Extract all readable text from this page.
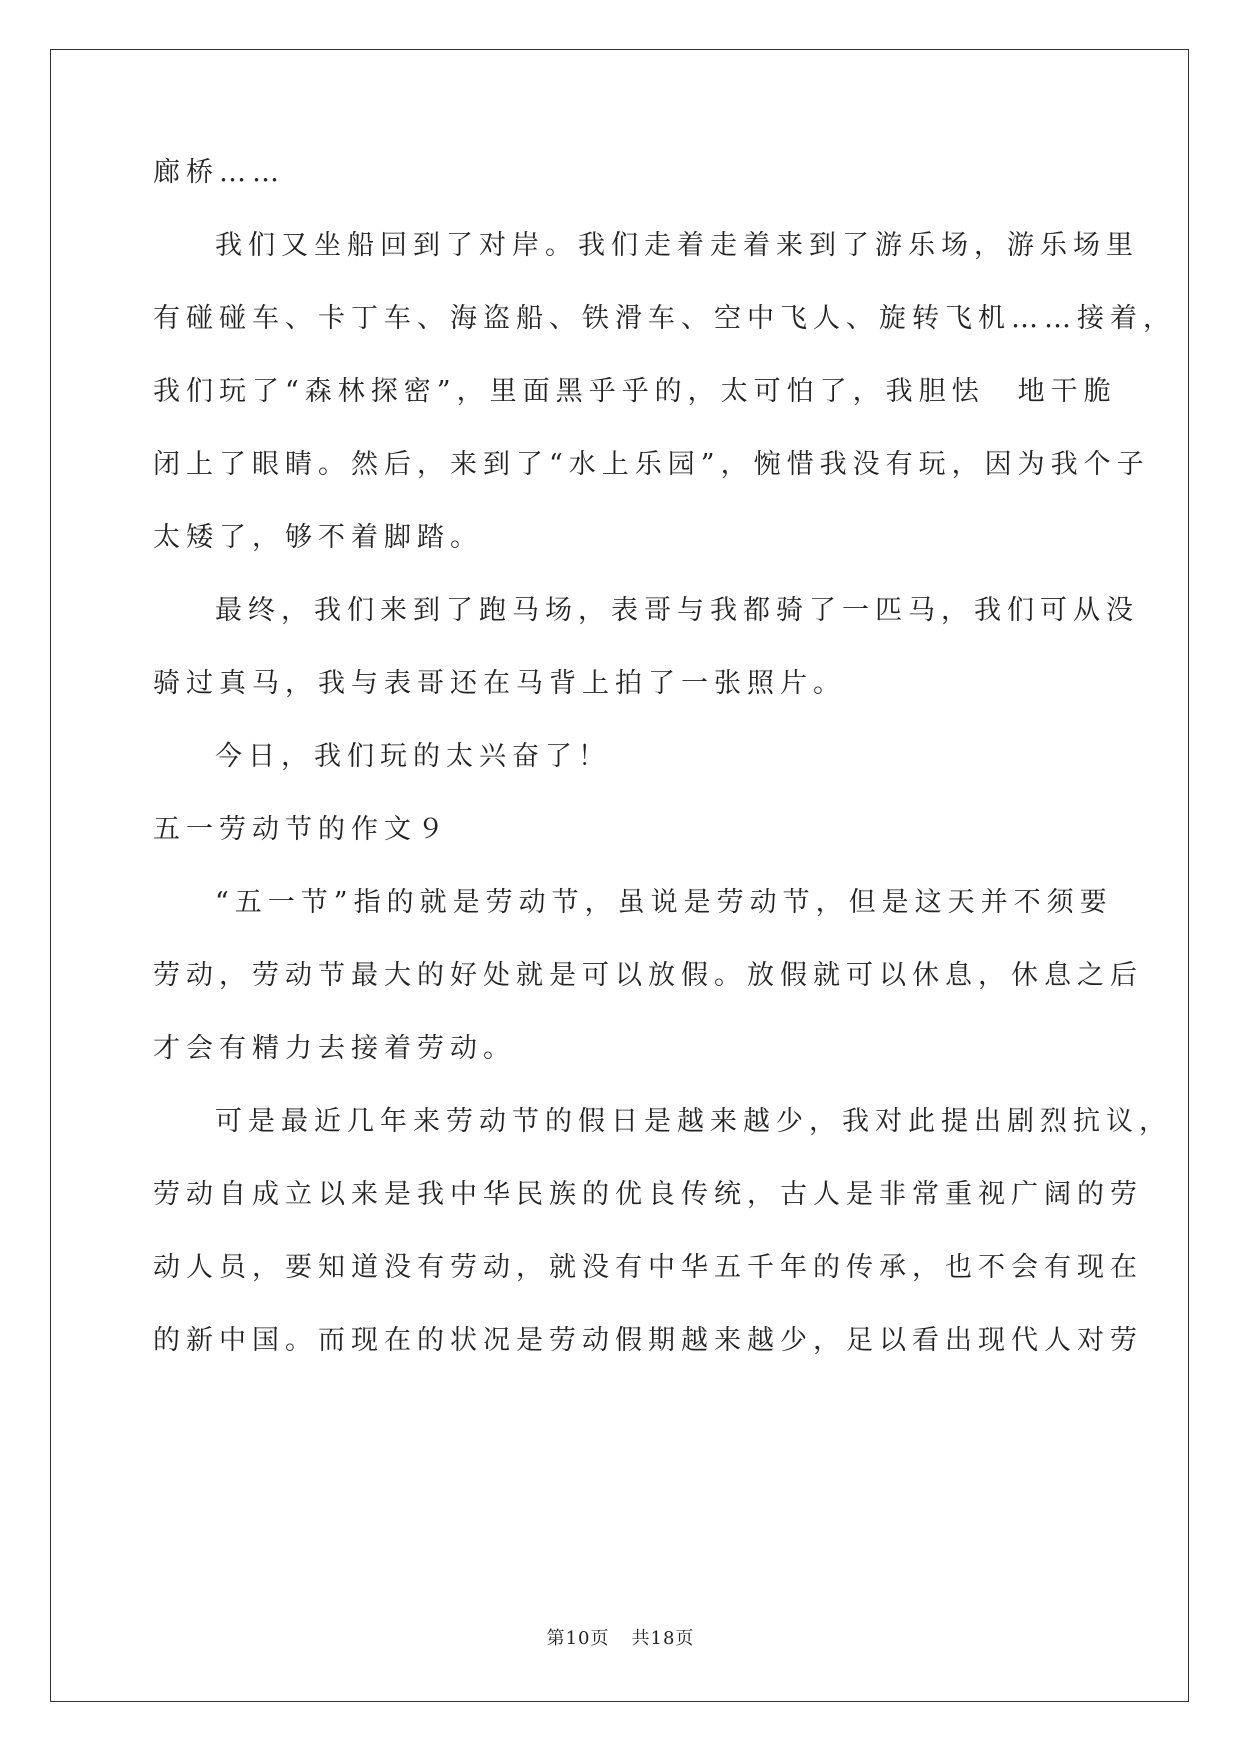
廊桥……
我们又坐船回到了对岸。我们走着走着来到了游乐场，游乐场里
有碰碰车、卡丁车、海盗船、铁滑车、空中飞人、旋转飞机……接着，
我们玩了“森林探密”，里面黑乎乎的，太可怕了，我胆怯　地干脆
闭上了眼睛。然后，来到了“水上乐园”，惋惜我没有玩，因为我个子
太矮了，够不着脚踏。
最终，我们来到了跑马场，表哥与我都骑了一匹马，我们可从没
骑过真马，我与表哥还在马背上拍了一张照片。
今日，我们玩的太兴奋了！
五一劳动节的作文９
“五一节”指的就是劳动节，虽说是劳动节，但是这天并不须要
劳动，劳动节最大的好处就是可以放假。放假就可以休息，休息之后
才会有精力去接着劳动。
可是最近几年来劳动节的假日是越来越少，我对此提出剧烈抗议，
劳动自成立以来是我中华民族的优良传统，古人是非常重视广阔的劳
动人员，要知道没有劳动，就没有中华五千年的传承，也不会有现在
的新中国。而现在的状况是劳动假期越来越少，足以看出现代人对劳
第10页 共18页
